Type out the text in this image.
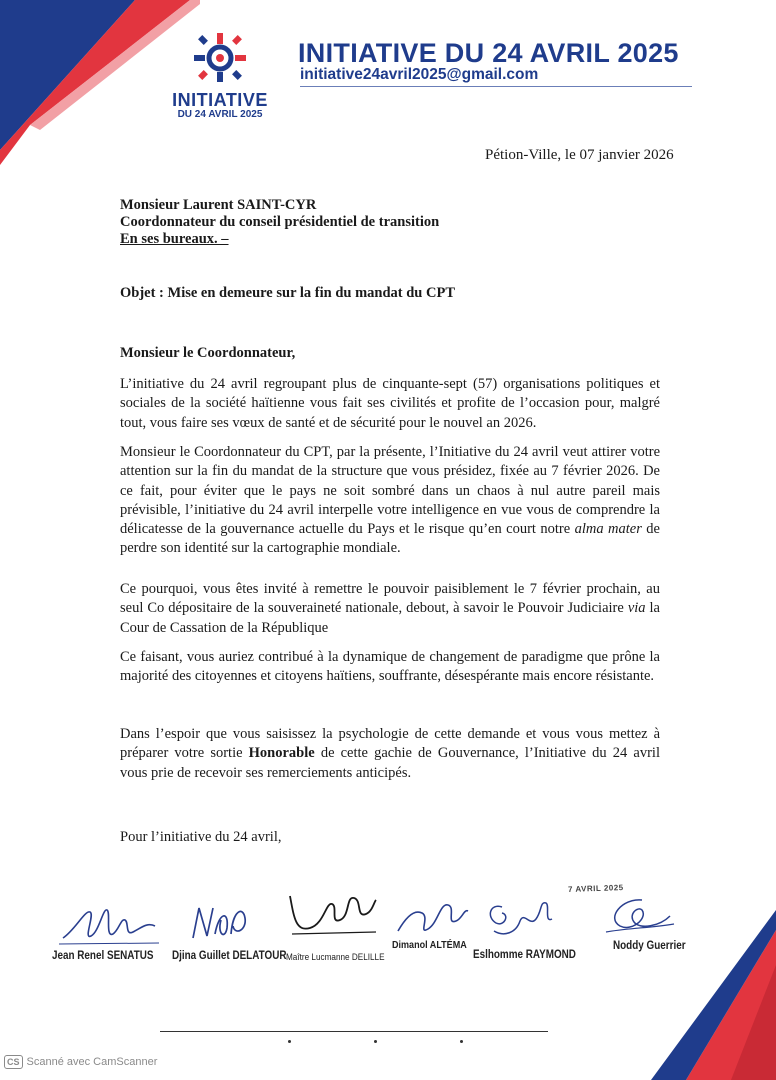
INITIATIVE
DU 24 AVRIL 2025
INITIATIVE DU 24 AVRIL 2025
initiative24avril2025@gmail.com
Pétion-Ville, le 07 janvier 2026
Monsieur Laurent SAINT-CYR
Coordonnateur du conseil présidentiel de transition
En ses bureaux. –
Objet : Mise en demeure sur la fin du mandat du CPT
Monsieur le Coordonnateur,
L’initiative du 24 avril regroupant plus de cinquante-sept (57) organisations politiques et sociales de la société haïtienne vous fait ses civilités et profite de l’occasion pour, malgré tout, vous faire ses vœux de santé et de sécurité pour le nouvel an 2026.
Monsieur le Coordonnateur du CPT, par la présente, l’Initiative du 24 avril veut attirer votre attention sur la fin du mandat de la structure que vous présidez, fixée au 7 février 2026. De ce fait, pour éviter que le pays ne soit sombré dans un chaos à nul autre pareil mais prévisible, l’initiative du 24 avril interpelle votre intelligence en vue vous de comprendre la délicatesse de la gouvernance actuelle du Pays et le risque qu’en court notre alma mater de perdre son identité sur la cartographie mondiale.
Ce pourquoi, vous êtes invité à remettre le pouvoir paisiblement le 7 février prochain, au seul Co dépositaire de la souveraineté nationale, debout, à savoir le Pouvoir Judiciaire via la Cour de Cassation de la République
Ce faisant, vous auriez contribué à la dynamique de changement de paradigme que prône la majorité des citoyennes et citoyens haïtiens, souffrante, désespérante mais encore résistante.
Dans l’espoir que vous saisissez la psychologie de cette demande et vous vous mettez à préparer votre sortie Honorable de cette gachie de Gouvernance, l’Initiative du 24 avril vous prie de recevoir ses remerciements anticipés.
Pour l’initiative du 24 avril,
7 AVRIL 2025
Jean Renel SENATUS Djina Guillet DELATOUR Maître Lucmanne DELILLE
Dimanol ALTÉMA
Eslhomme RAYMOND
Noddy Guerrier
CS Scanné avec CamScanner
